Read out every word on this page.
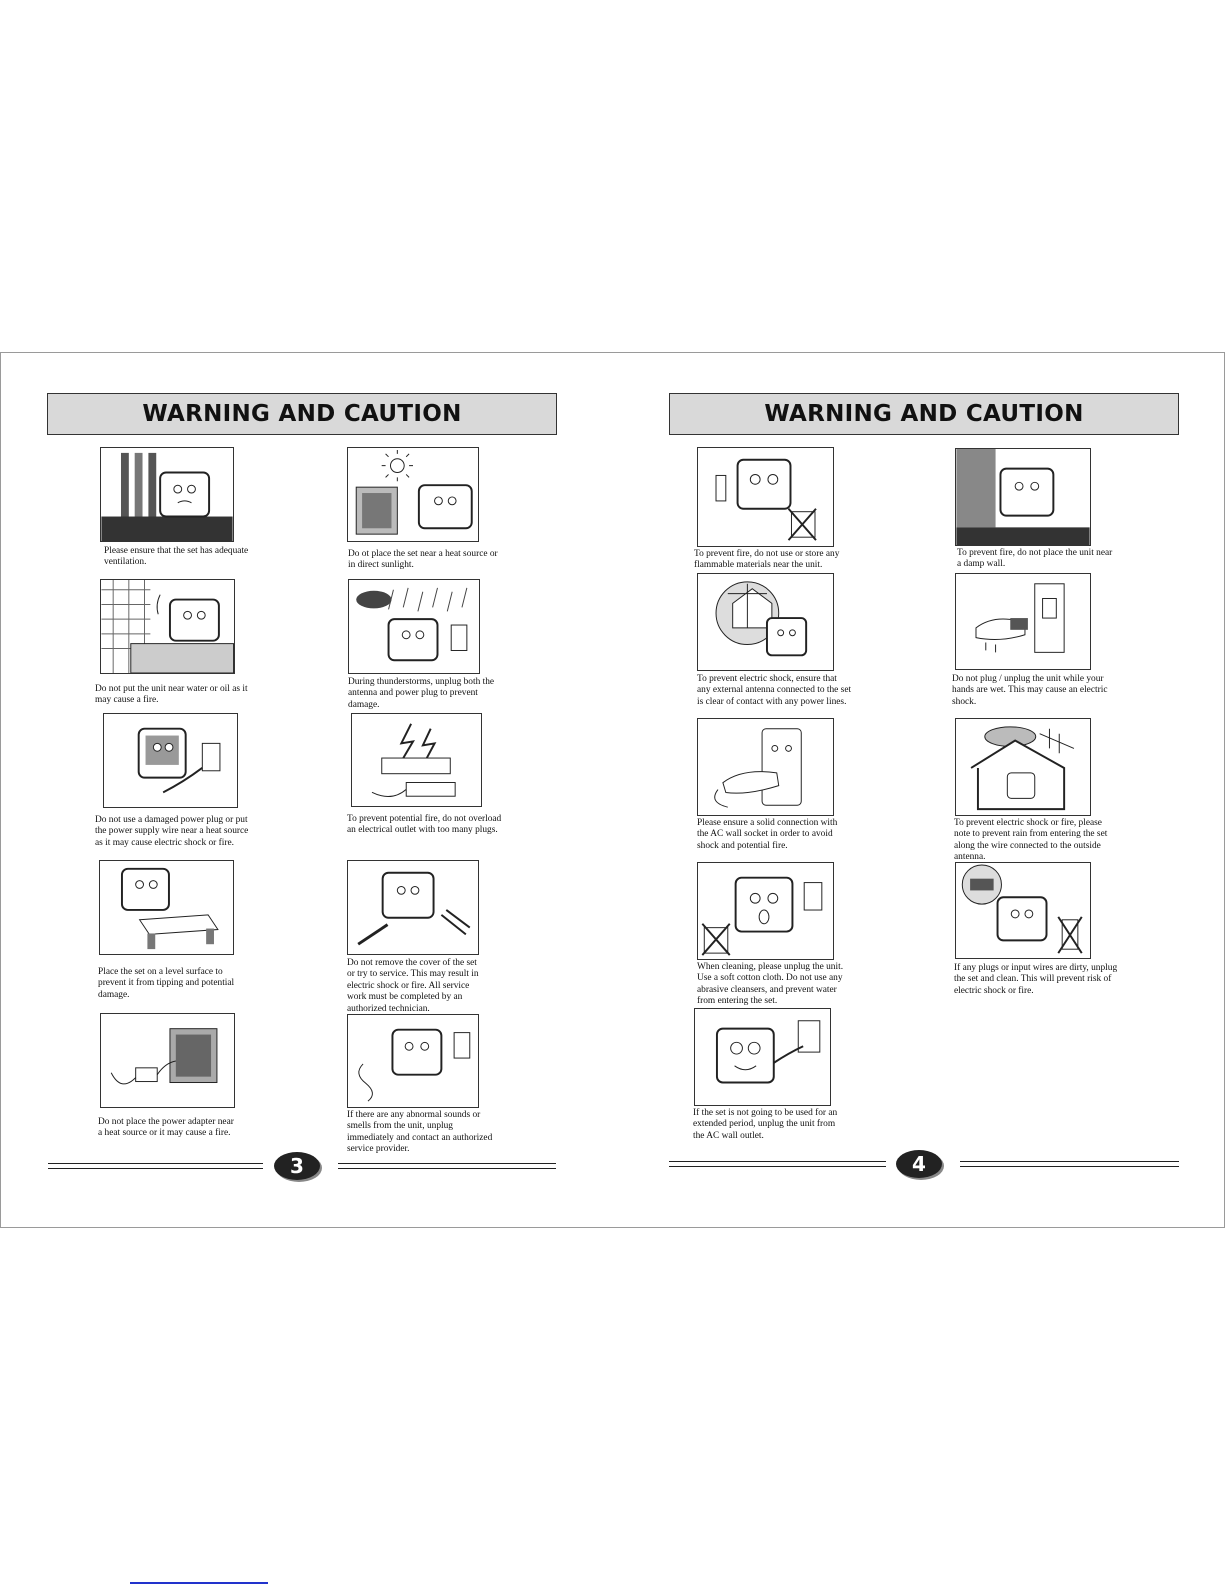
WARNING AND CAUTION
Please ensure that the set has adequate
ventilation.
Do ot place the set near a heat source or
in direct sunlight.
Do not put the unit near water or oil as it
may cause a fire.
During thunderstorms, unplug both the
antenna and power plug to prevent
damage.
Do not use a damaged power plug or put
the power supply wire near a heat source
as it may cause electric shock or fire.
To prevent potential fire, do not overload
an electrical outlet with too many plugs.
Place the set on a level surface to
prevent it from tipping and potential
damage.
Do not remove the cover of the set
or try to service. This may result in
electric shock or fire. All service
work must be completed by an
authorized technician.
Do not place the power adapter near
a heat source or it may cause a fire.
If there are any abnormal sounds or
smells from the unit, unplug
immediately and contact an authorized
service provider.
3
WARNING AND CAUTION
To prevent fire, do not use or store any
flammable materials near the unit.
To prevent fire, do not place the unit near
a damp wall.
To prevent electric shock, ensure that
any external antenna connected to the set
is clear of contact with any power lines.
Do not plug / unplug the unit while your
hands are wet. This may cause an electric
shock.
Please ensure a solid connection with
the AC wall socket in order to avoid
shock and potential fire.
To prevent electric shock or fire, please
note to prevent rain from entering the set
along the wire connected to the outside
antenna.
When cleaning, please unplug the unit.
Use a soft cotton cloth. Do not use any
abrasive cleansers, and prevent water
from entering the set.
If any plugs or input wires are dirty, unplug
the set and clean. This will prevent risk of
electric shock or fire.
If the set is not going to be used for an
extended period, unplug the unit from
the AC wall outlet.
4
